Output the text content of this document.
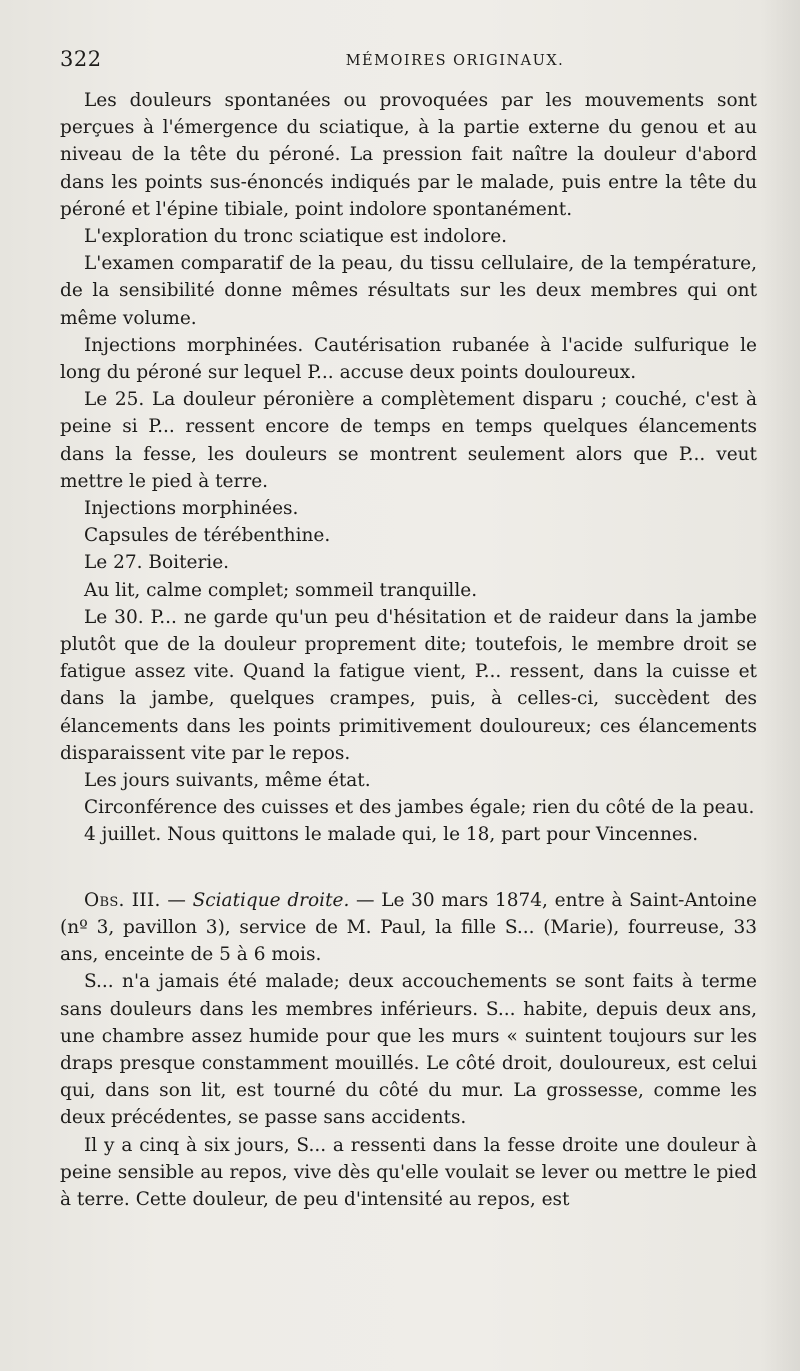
322	MÉMOIRES ORIGINAUX.

Les douleurs spontanées ou provoquées par les mouvements sont perçues à l'émergence du sciatique, à la partie externe du genou et au niveau de la tête du péroné. La pression fait naître la douleur d'abord dans les points sus-énoncés indiqués par le malade, puis entre la tête du péroné et l'épine tibiale, point indolore spontanément.

L'exploration du tronc sciatique est indolore.

L'examen comparatif de la peau, du tissu cellulaire, de la température, de la sensibilité donne mêmes résultats sur les deux membres qui ont même volume.

Injections morphinées. Cautérisation rubanée à l'acide sulfurique le long du péroné sur lequel P... accuse deux points douloureux.

Le 25. La douleur péronière a complètement disparu ; couché, c'est à peine si P... ressent encore de temps en temps quelques élancements dans la fesse, les douleurs se montrent seulement alors que P... veut mettre le pied à terre.

Injections morphinées.

Capsules de térébenthine.

Le 27. Boiterie.

Au lit, calme complet; sommeil tranquille.

Le 30. P... ne garde qu'un peu d'hésitation et de raideur dans la jambe plutôt que de la douleur proprement dite; toutefois, le membre droit se fatigue assez vite. Quand la fatigue vient, P... ressent, dans la cuisse et dans la jambe, quelques crampes, puis, à celles-ci, succèdent des élancements dans les points primitivement douloureux; ces élancements disparaissent vite par le repos.

Les jours suivants, même état.

Circonférence des cuisses et des jambes égale; rien du côté de la peau.

4 juillet. Nous quittons le malade qui, le 18, part pour Vincennes.

Obs. III. — Sciatique droite. — Le 30 mars 1874, entre à Saint-Antoine (nº 3, pavillon 3), service de M. Paul, la fille S... (Marie), fourreuse, 33 ans, enceinte de 5 à 6 mois.

S... n'a jamais été malade; deux accouchements se sont faits à terme sans douleurs dans les membres inférieurs. S... habite, depuis deux ans, une chambre assez humide pour que les murs « suintent toujours sur les draps presque constamment mouillés. Le côté droit, douloureux, est celui qui, dans son lit, est tourné du côté du mur. La grossesse, comme les deux précédentes, se passe sans accidents.

Il y a cinq à six jours, S... a ressenti dans la fesse droite une douleur à peine sensible au repos, vive dès qu'elle voulait se lever ou mettre le pied à terre. Cette douleur, de peu d'intensité au repos, est
